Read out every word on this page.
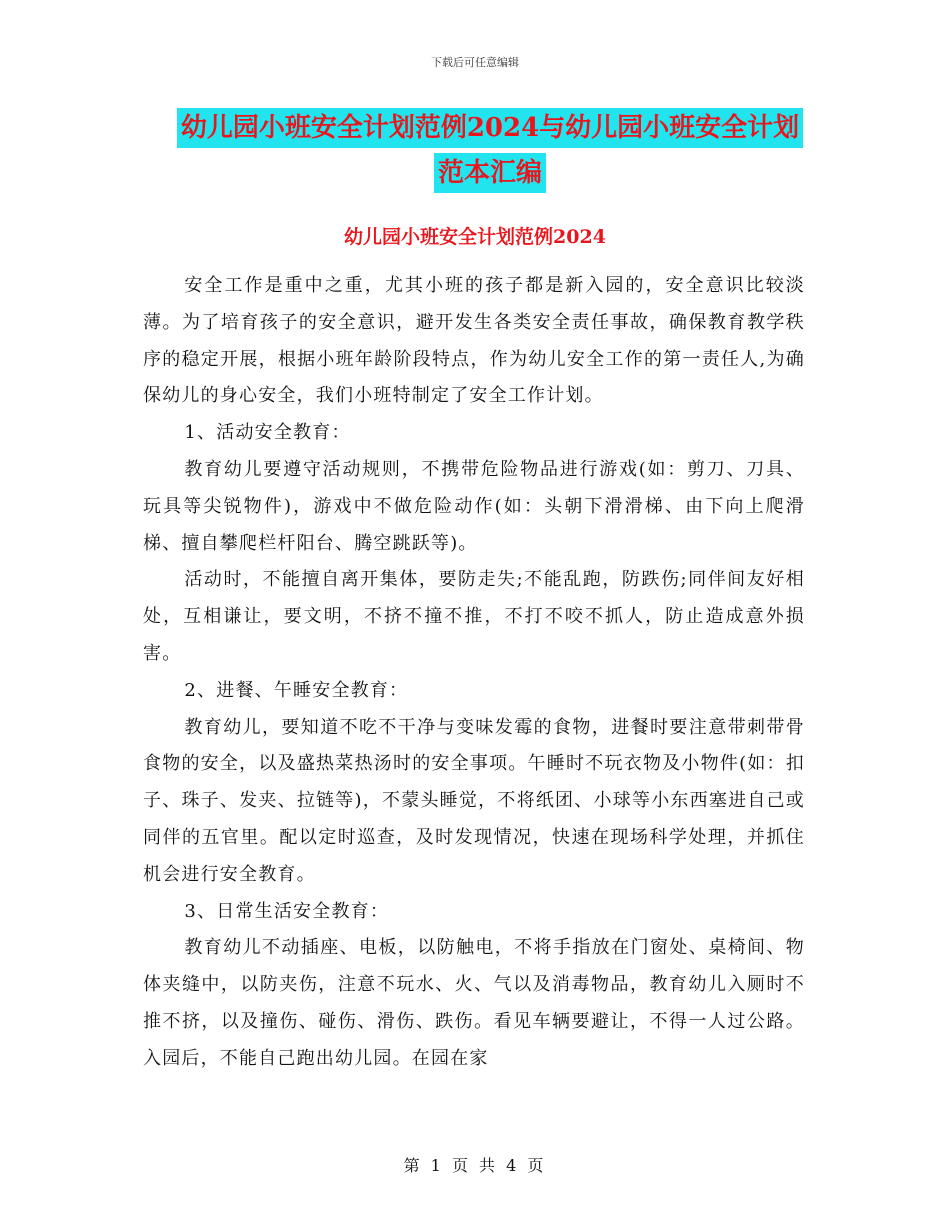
下载后可任意编辑
幼儿园小班安全计划范例2024与幼儿园小班安全计划
范本汇编
幼儿园小班安全计划范例2024

安全工作是重中之重，尤其小班的孩子都是新入园的，安全意识比较淡薄。为了培育孩子的安全意识，避开发生各类安全责任事故，确保教育教学秩序的稳定开展，根据小班年龄阶段特点，作为幼儿安全工作的第一责任人,为确保幼儿的身心安全，我们小班特制定了安全工作计划。

1、活动安全教育：

教育幼儿要遵守活动规则，不携带危险物品进行游戏(如：剪刀、刀具、玩具等尖锐物件)，游戏中不做危险动作(如：头朝下滑滑梯、由下向上爬滑梯、擅自攀爬栏杆阳台、腾空跳跃等)。

活动时，不能擅自离开集体，要防走失;不能乱跑，防跌伤;同伴间友好相处，互相谦让，要文明，不挤不撞不推，不打不咬不抓人，防止造成意外损害。

2、进餐、午睡安全教育：

教育幼儿，要知道不吃不干净与变味发霉的食物，进餐时要注意带刺带骨食物的安全，以及盛热菜热汤时的安全事项。午睡时不玩衣物及小物件(如：扣子、珠子、发夹、拉链等)，不蒙头睡觉，不将纸团、小球等小东西塞进自己或同伴的五官里。配以定时巡查，及时发现情况，快速在现场科学处理，并抓住机会进行安全教育。

3、日常生活安全教育：

教育幼儿不动插座、电板，以防触电，不将手指放在门窗处、桌椅间、物体夹缝中，以防夹伤，注意不玩水、火、气以及消毒物品，教育幼儿入厕时不推不挤，以及撞伤、碰伤、滑伤、跌伤。看见车辆要避让，不得一人过公路。入园后，不能自己跑出幼儿园。在园在家

第 1 页 共 4 页
